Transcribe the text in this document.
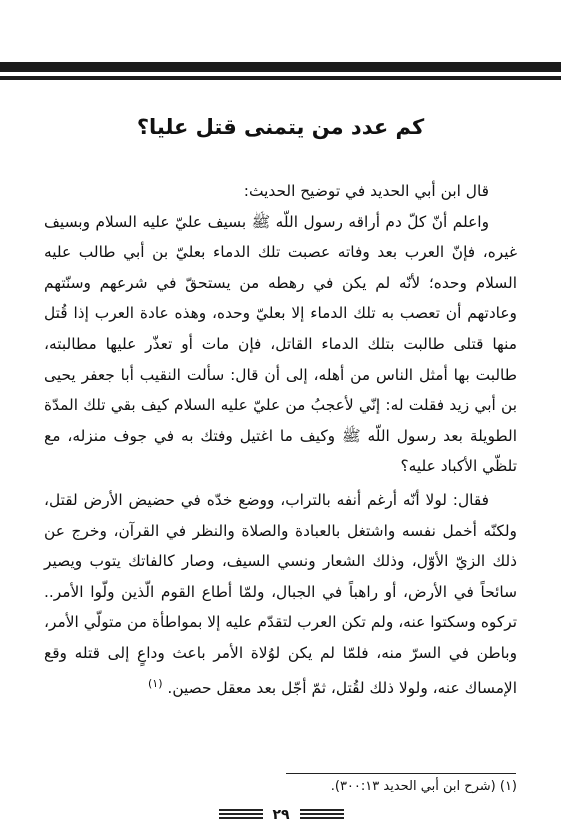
كم عدد من يتمنى قتل عليا؟

قال ابن أبي الحديد في توضيح الحديث:

واعلم أنّ كلّ دم أراقه رسول اللّه ﷺ بسيف عليّ عليه السلام وبسيف غيره، فإنّ العرب بعد وفاته عصبت تلك الدماء بعليّ بن أبي طالب عليه السلام وحده؛ لأنّه لم يكن في رهطه من يستحقّ في شرعهم وسنّتهم وعادتهم أن تعصب به تلك الدماء إلا بعليّ وحده، وهذه عادة العرب إذا قُتل منها قتلى طالبت بتلك الدماء القاتل، فإن مات أو تعذّر عليها مطالبته، طالبت بها أمثل الناس من أهله، إلى أن قال: سألت النقيب أبا جعفر يحيى بن أبي زيد فقلت له: إنّي لأعجبُ من عليّ عليه السلام كيف بقي تلك المدّة الطويلة بعد رسول اللّه ﷺ وكيف ما اغتيل وفتك به في جوف منزله، مع تلظّي الأكباد عليه؟

فقال: لولا أنّه أرغم أنفه بالتراب، ووضع خدّه في حضيض الأرض لقتل، ولكنّه أخمل نفسه واشتغل بالعبادة والصلاة والنظر في القرآن، وخرج عن ذلك الزيّ الأوّل، وذلك الشعار ونسي السيف، وصار كالفاتك يتوب ويصير سائحاً في الأرض، أو راهباً في الجبال، ولمّا أطاع القوم الّذين ولّوا الأمر.. تركوه وسكتوا عنه، ولم تكن العرب لتقدّم عليه إلا بمواطأة من متولّي الأمر، وباطن في السرّ منه، فلمّا لم يكن لوُلاة الأمر باعث وداعٍ إلى قتله وقع الإمساك عنه، ولولا ذلك لقُتل، ثمّ أجّل بعد معقل حصين. $^{(١)}$

(١) (شرح ابن أبي الحديد ٣٠٠:١٣).
٢٩
